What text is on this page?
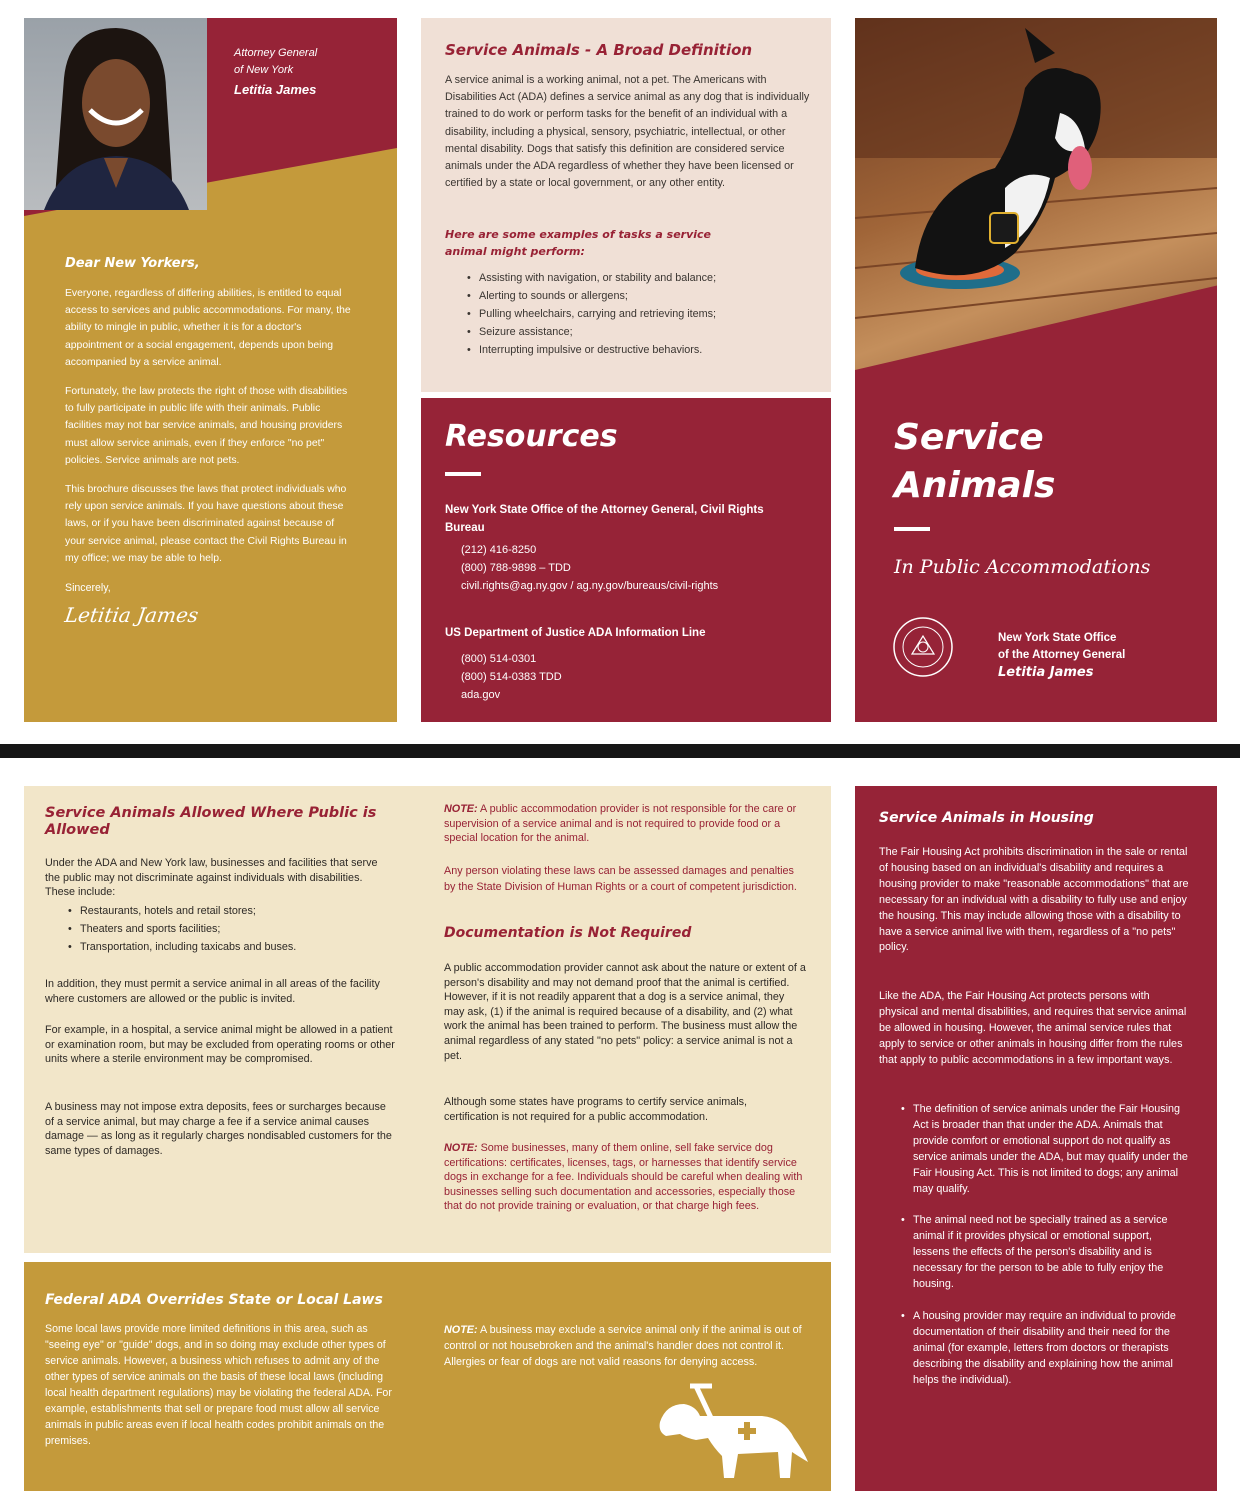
Attorney General
of New York
Letitia James
Dear New Yorkers,

Everyone, regardless of differing abilities, is entitled to equal access to services and public accommodations. For many, the ability to mingle in public, whether it is for a doctor's appointment or a social engagement, depends upon being accompanied by a service animal.

Fortunately, the law protects the right of those with disabilities to fully participate in public life with their animals. Public facilities may not bar service animals, and housing providers must allow service animals, even if they enforce "no pet" policies. Service animals are not pets.

This brochure discusses the laws that protect individuals who rely upon service animals. If you have questions about these laws, or if you have been discriminated against because of your service animal, please contact the Civil Rights Bureau in my office; we may be able to help.

Sincerely,
Letitia James
Service Animals - A Broad Definition

A service animal is a working animal, not a pet. The Americans with Disabilities Act (ADA) defines a service animal as any dog that is individually trained to do work or perform tasks for the benefit of an individual with a disability, including a physical, sensory, psychiatric, intellectual, or other mental disability. Dogs that satisfy this definition are considered service animals under the ADA regardless of whether they have been licensed or certified by a state or local government, or any other entity.

Here are some examples of tasks a service animal might perform:
• Assisting with navigation, or stability and balance;
• Alerting to sounds or allergens;
• Pulling wheelchairs, carrying and retrieving items;
• Seizure assistance;
• Interrupting impulsive or destructive behaviors.
Resources
New York State Office of the Attorney General, Civil Rights Bureau
(212) 416-8250
(800) 788-9898 – TDD
civil.rights@ag.ny.gov / ag.ny.gov/bureaus/civil-rights
US Department of Justice ADA Information Line
(800) 514-0301
(800) 514-0383 TDD
ada.gov
Service
Animals
In Public Accommodations
New York State Office
of the Attorney General
Letitia James
Service Animals Allowed Where Public is Allowed

Under the ADA and New York law, businesses and facilities that serve the public may not discriminate against individuals with disabilities. These include:

• Restaurants, hotels and retail stores;
• Theaters and sports facilities;
• Transportation, including taxicabs and buses.

In addition, they must permit a service animal in all areas of the facility where customers are allowed or the public is invited.

For example, in a hospital, a service animal might be allowed in a patient or examination room, but may be excluded from operating rooms or other units where a sterile environment may be compromised.

A business may not impose extra deposits, fees or surcharges because of a service animal, but may charge a fee if a service animal causes damage — as long as it regularly charges nondisabled customers for the same types of damages.

NOTE: A public accommodation provider is not responsible for the care or supervision of a service animal and is not required to provide food or a special location for the animal.

Any person violating these laws can be assessed damages and penalties by the State Division of Human Rights or a court of competent jurisdiction.

Documentation is Not Required

A public accommodation provider cannot ask about the nature or extent of a person's disability and may not demand proof that the animal is certified. However, if it is not readily apparent that a dog is a service animal, they may ask, (1) if the animal is required because of a disability, and (2) what work the animal has been trained to perform. The business must allow the animal regardless of any stated "no pets" policy: a service animal is not a pet.

Although some states have programs to certify service animals, certification is not required for a public accommodation.

NOTE: Some businesses, many of them online, sell fake service dog certifications: certificates, licenses, tags, or harnesses that identify service dogs in exchange for a fee. Individuals should be careful when dealing with businesses selling such documentation and accessories, especially those that do not provide training or evaluation, or that charge high fees.

Federal ADA Overrides State or Local Laws

Some local laws provide more limited definitions in this area, such as "seeing eye" or "guide" dogs, and in so doing may exclude other types of service animals. However, a business which refuses to admit any of the other types of service animals on the basis of these local laws (including local health department regulations) may be violating the federal ADA. For example, establishments that sell or prepare food must allow all service animals in public areas even if local health codes prohibit animals on the premises.

NOTE: A business may exclude a service animal only if the animal is out of control or not housebroken and the animal's handler does not control it. Allergies or fear of dogs are not valid reasons for denying access.

Service Animals in Housing

The Fair Housing Act prohibits discrimination in the sale or rental of housing based on an individual's disability and requires a housing provider to make "reasonable accommodations" that are necessary for an individual with a disability to fully use and enjoy the housing. This may include allowing those with a disability to have a service animal live with them, regardless of a "no pets" policy.

Like the ADA, the Fair Housing Act protects persons with physical and mental disabilities, and requires that service animal be allowed in housing. However, the animal service rules that apply to service or other animals in housing differ from the rules that apply to public accommodations in a few important ways.

• The definition of service animals under the Fair Housing Act is broader than that under the ADA. Animals that provide comfort or emotional support do not qualify as service animals under the ADA, but may qualify under the Fair Housing Act. This is not limited to dogs; any animal may qualify.
• The animal need not be specially trained as a service animal if it provides physical or emotional support, lessens the effects of the person's disability and is necessary for the person to be able to fully enjoy the housing.
• A housing provider may require an individual to provide documentation of their disability and their need for the animal (for example, letters from doctors or therapists describing the disability and explaining how the animal helps the individual).
